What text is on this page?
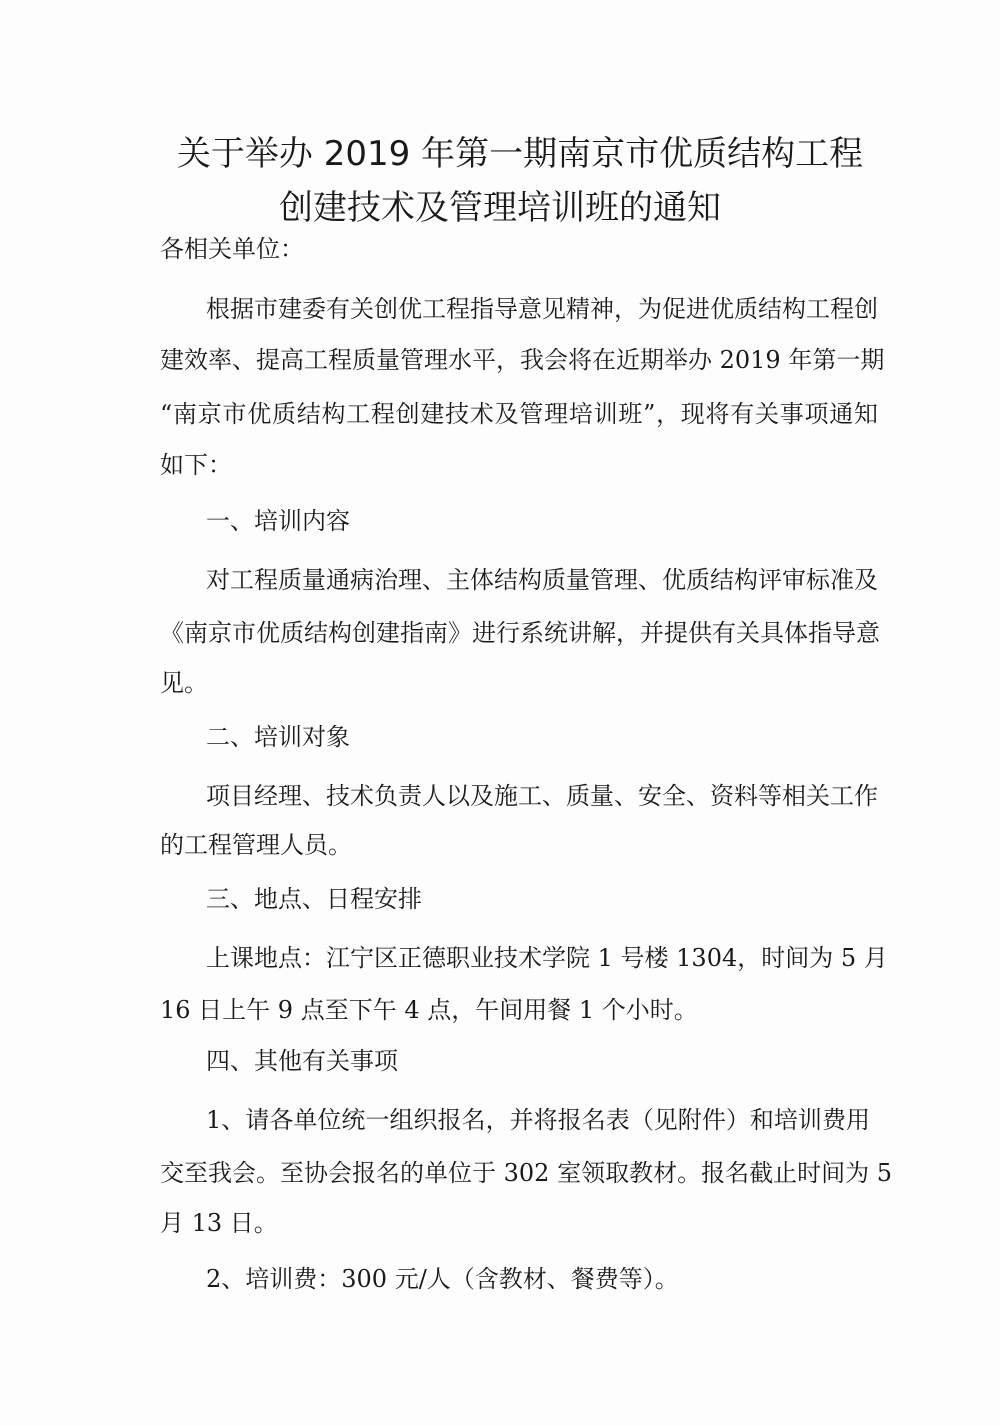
关于举办 2019 年第一期南京市优质结构工程
创建技术及管理培训班的通知
各相关单位：
根据市建委有关创优工程指导意见精神，为促进优质结构工程创
建效率、提高工程质量管理水平，我会将在近期举办 2019 年第一期
“南京市优质结构工程创建技术及管理培训班”，现将有关事项通知
如下：
一、培训内容
对工程质量通病治理、主体结构质量管理、优质结构评审标准及
《南京市优质结构创建指南》进行系统讲解，并提供有关具体指导意
见。
二、培训对象
项目经理、技术负责人以及施工、质量、安全、资料等相关工作
的工程管理人员。
三、地点、日程安排
上课地点：江宁区正德职业技术学院 1 号楼 1304，时间为 5 月
16 日上午 9 点至下午 4 点，午间用餐 1 个小时。
四、其他有关事项
1、请各单位统一组织报名，并将报名表（见附件）和培训费用
交至我会。至协会报名的单位于 302 室领取教材。报名截止时间为 5
月 13 日。
2、培训费：300 元/人（含教材、餐费等）。
